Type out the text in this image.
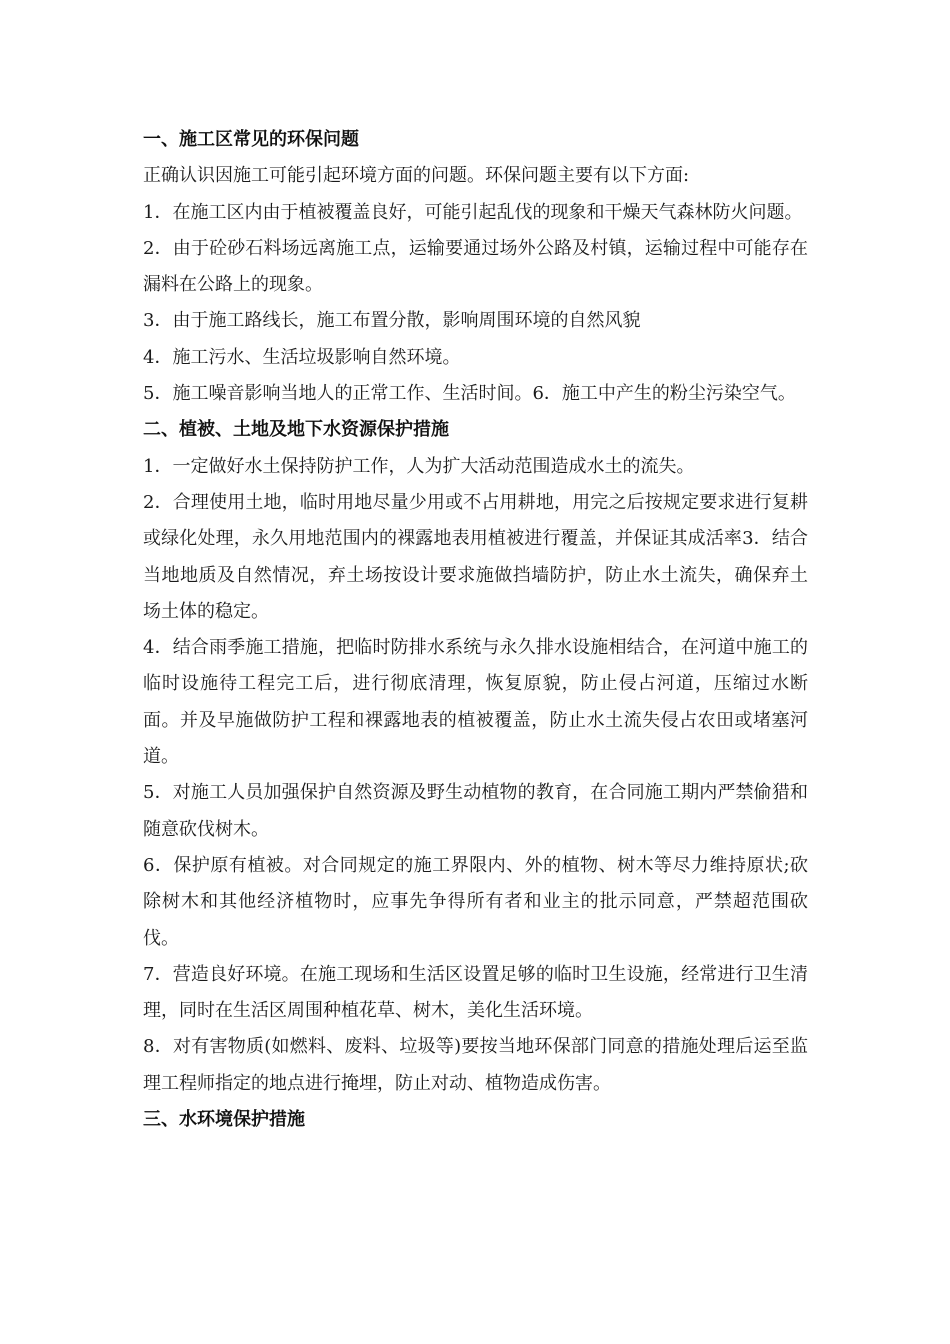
一、施工区常见的环保问题

正确认识因施工可能引起环境方面的问题。环保问题主要有以下方面:

1．在施工区内由于植被覆盖良好，可能引起乱伐的现象和干燥天气森林防火问题。

2．由于砼砂石料场远离施工点，运输要通过场外公路及村镇，运输过程中可能存在漏料在公路上的现象。

3．由于施工路线长，施工布置分散，影响周围环境的自然风貌

4．施工污水、生活垃圾影响自然环境。

5．施工噪音影响当地人的正常工作、生活时间。6．施工中产生的粉尘污染空气。

二、植被、土地及地下水资源保护措施

1．一定做好水土保持防护工作，人为扩大活动范围造成水土的流失。

2．合理使用土地，临时用地尽量少用或不占用耕地，用完之后按规定要求进行复耕或绿化处理，永久用地范围内的裸露地表用植被进行覆盖，并保证其成活率3．结合当地地质及自然情况，弃土场按设计要求施做挡墙防护，防止水土流失，确保弃土场土体的稳定。

4．结合雨季施工措施，把临时防排水系统与永久排水设施相结合，在河道中施工的临时设施待工程完工后，进行彻底清理，恢复原貌，防止侵占河道，压缩过水断面。并及早施做防护工程和裸露地表的植被覆盖，防止水土流失侵占农田或堵塞河道。

5．对施工人员加强保护自然资源及野生动植物的教育，在合同施工期内严禁偷猎和随意砍伐树木。

6．保护原有植被。对合同规定的施工界限内、外的植物、树木等尽力维持原状;砍除树木和其他经济植物时，应事先争得所有者和业主的批示同意，严禁超范围砍伐。

7．营造良好环境。在施工现场和生活区设置足够的临时卫生设施，经常进行卫生清理，同时在生活区周围种植花草、树木，美化生活环境。

8．对有害物质(如燃料、废料、垃圾等)要按当地环保部门同意的措施处理后运至监理工程师指定的地点进行掩埋，防止对动、植物造成伤害。

三、水环境保护措施
